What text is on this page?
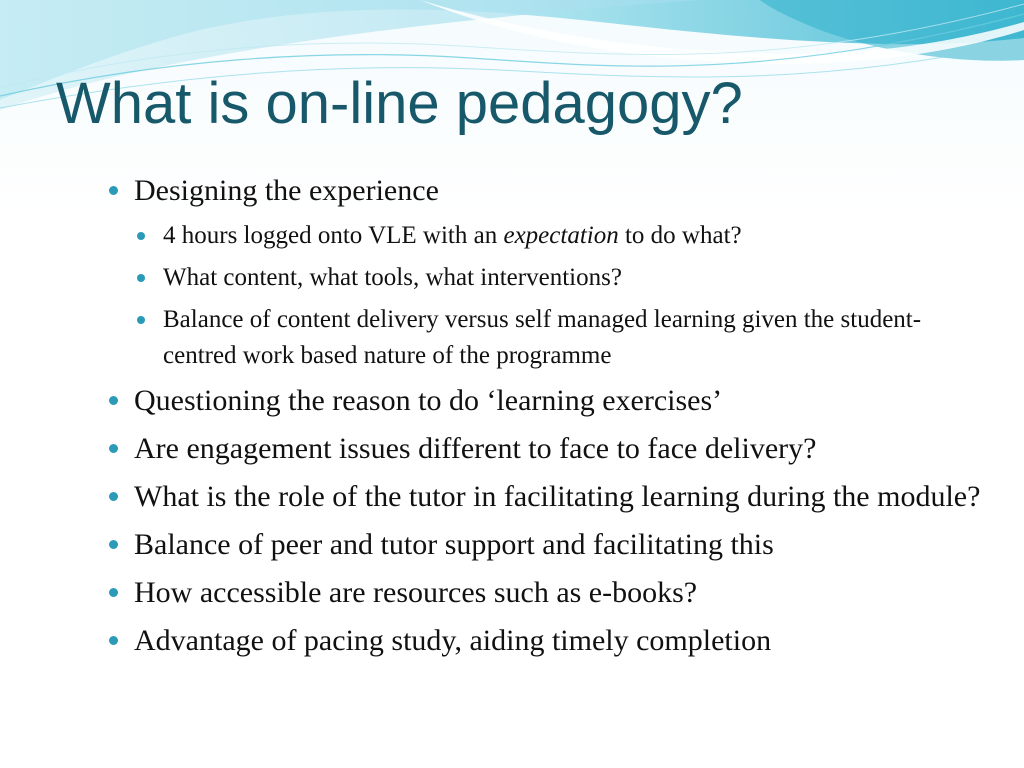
What is on-line pedagogy?
Designing the experience
4 hours logged onto VLE with an expectation to do what?
What content, what tools, what interventions?
Balance of content delivery versus self managed learning given the student-centred work based nature of the programme
Questioning the reason to do ‘learning exercises’
Are engagement issues different to face to face delivery?
What is the role of the tutor in facilitating learning during the module?
Balance of peer and tutor support and facilitating this
How accessible are resources such as e-books?
Advantage of pacing study, aiding timely completion
